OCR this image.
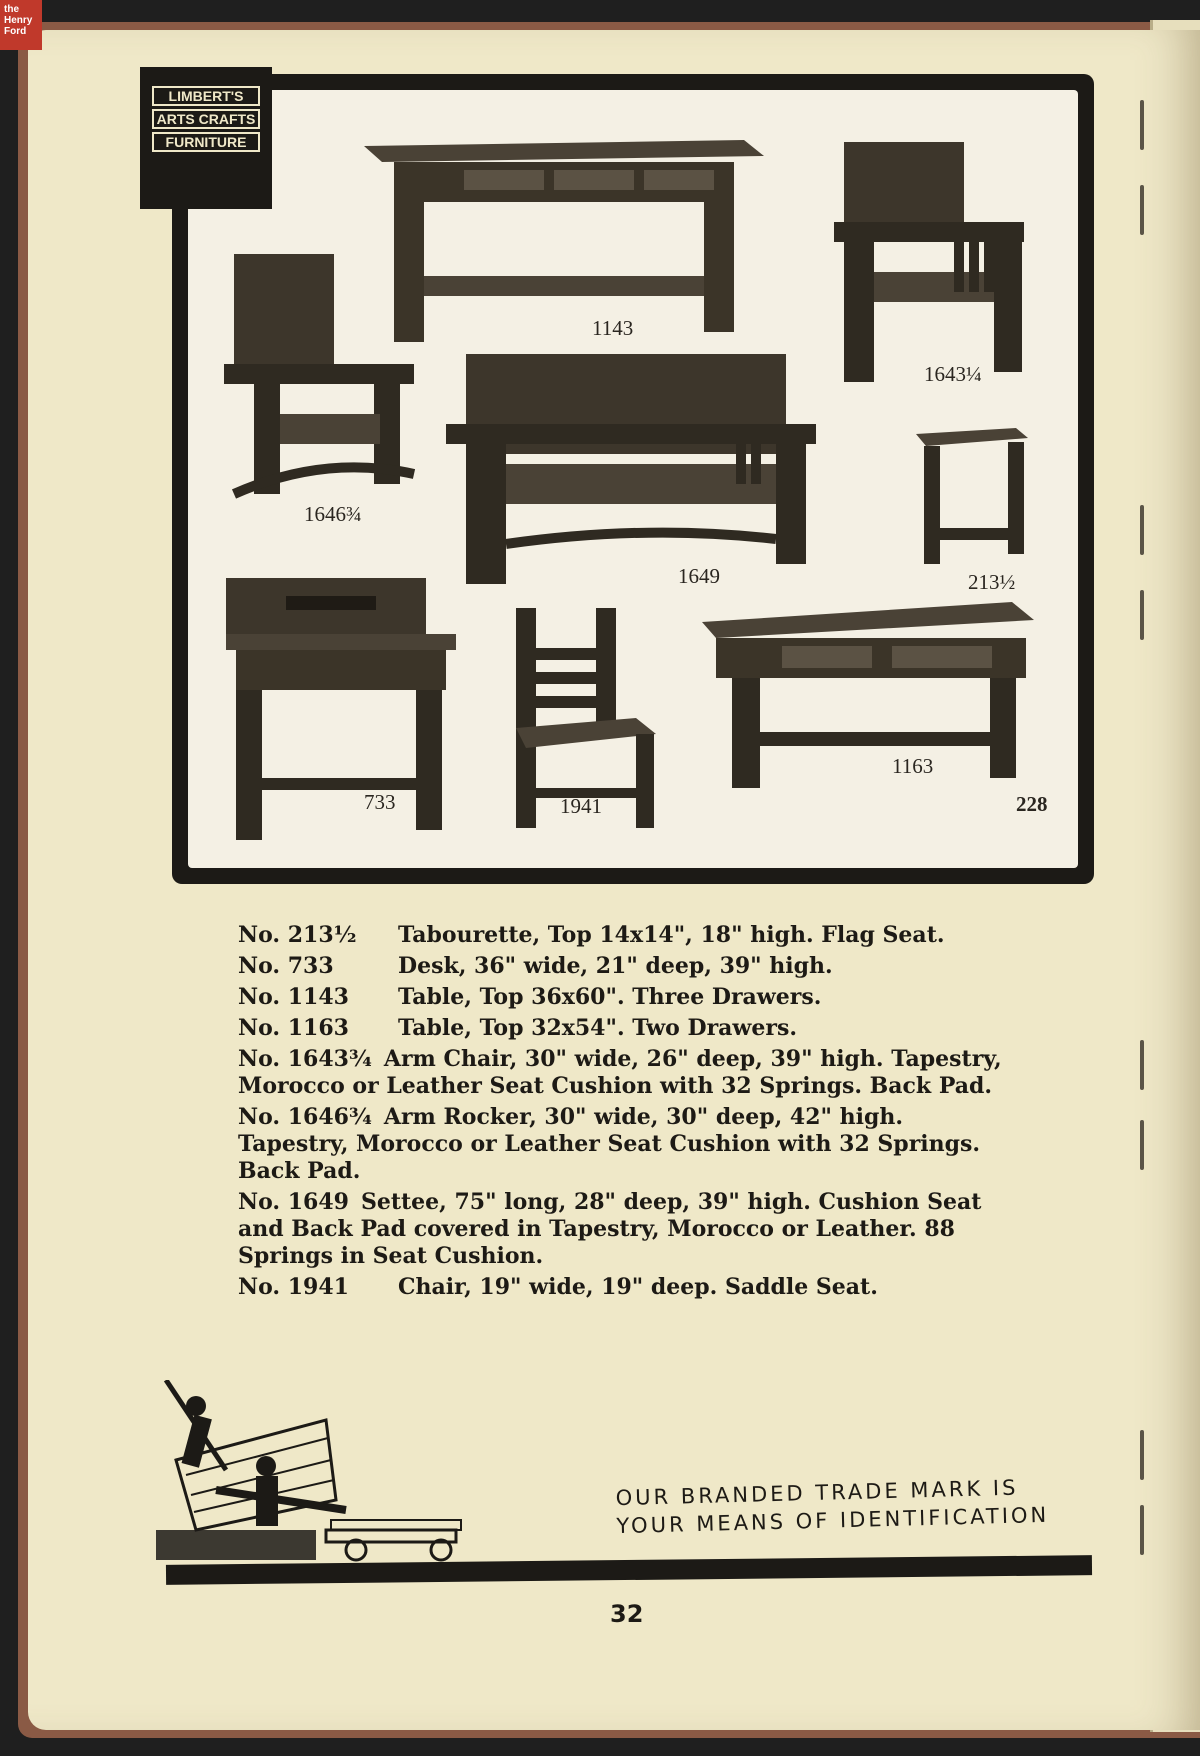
the Henry Ford
1143
1643¼
1646¾
1649	213½
733	1941
1163
228
LIMBERT'S
ARTS CRAFTS
FURNITURE
No. 213½ Tabourette, Top 14x14", 18" high. Flag Seat.
No. 733	Desk, 36" wide, 21" deep, 39" high.
No. 1143 Table, Top 36x60". Three Drawers.
No. 1163 Table, Top 32x54". Two Drawers.
No. 1643¾ Arm Chair, 30" wide, 26" deep, 39" high. Tapestry, Morocco or Leather Seat Cushion with 32 Springs. Back Pad.
No. 1646¾ Arm Rocker, 30" wide, 30" deep, 42" high. Tapestry, Morocco or Leather Seat Cushion with 32 Springs. Back Pad.
No. 1649 Settee, 75" long, 28" deep, 39" high. Cushion Seat and Back Pad covered in Tapestry, Morocco or Leather. 88 Springs in Seat Cushion.
No. 1941 Chair, 19" wide, 19" deep. Saddle Seat.
OUR BRANDED TRADE MARK IS
YOUR MEANS OF IDENTIFICATION
32
